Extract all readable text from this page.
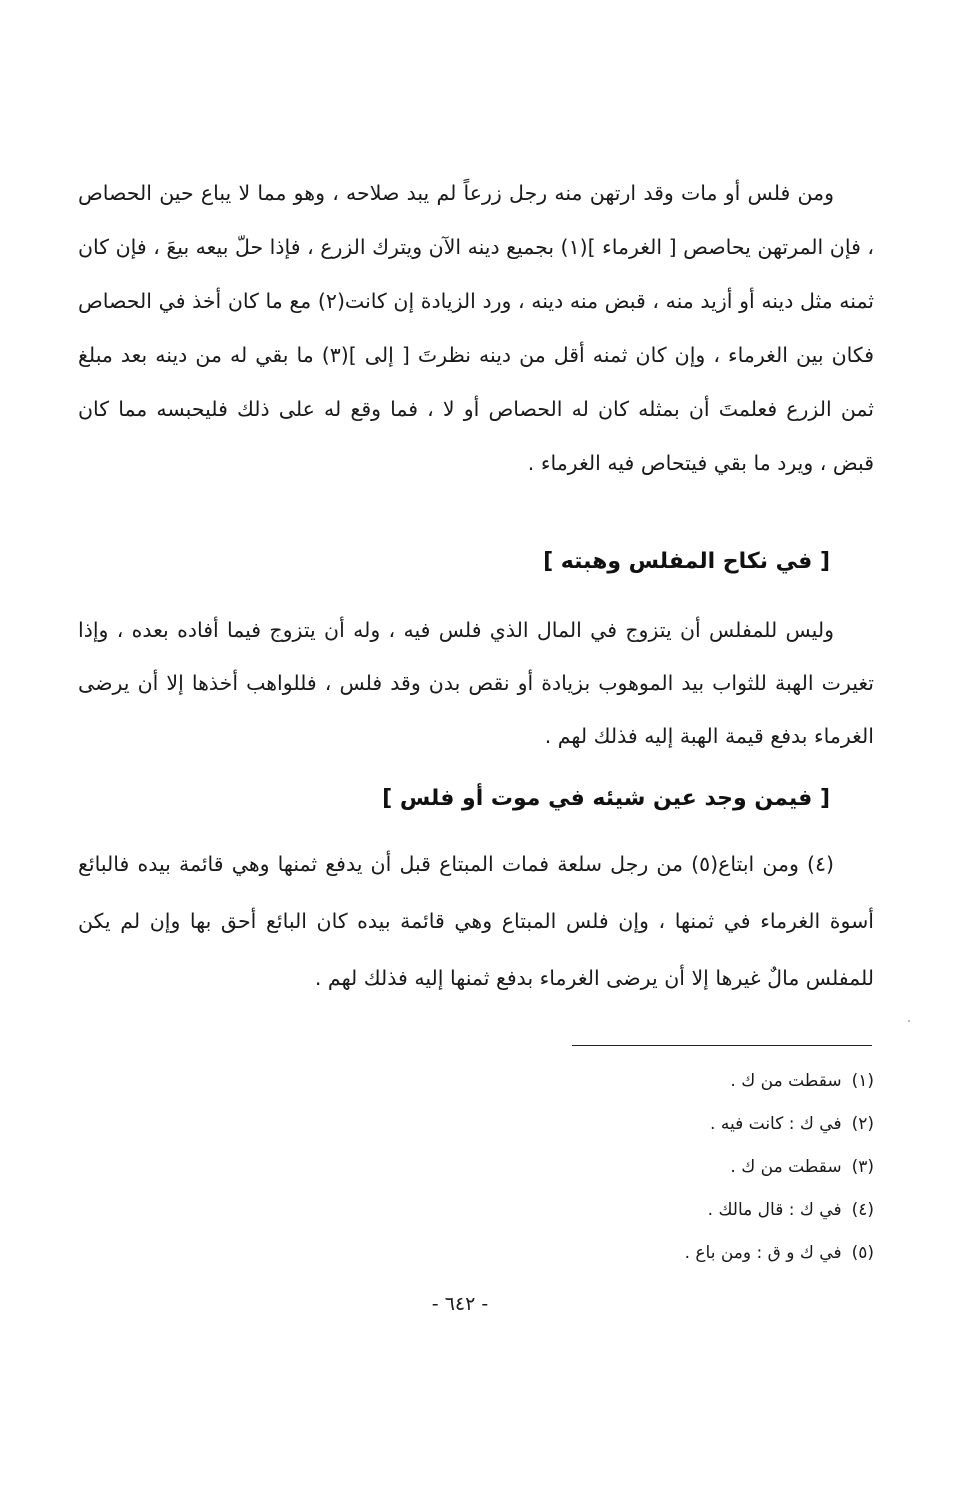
ومن فلس أو مات وقد ارتهن منه رجل زرعاً لم يبد صلاحه ، وهو مما لا يباع حين الحصاص ، فإن المرتهن يحاصص [ الغرماء ](١) بجميع دينه الآن ويترك الزرع ، فإذا حلّ بيعه بيعَ ، فإن كان ثمنه مثل دينه أو أزيد منه ، قبض منه دينه ، ورد الزيادة إن كانت(٢) مع ما كان أخذ في الحصاص فكان بين الغرماء ، وإن كان ثمنه أقل من دينه نظرتَ [ إلى ](٣) ما بقي له من دينه بعد مبلغ ثمن الزرع فعلمتَ أن بمثله كان له الحصاص أو لا ، فما وقع له على ذلك فليحبسه مما كان قبض ، ويرد ما بقي فيتحاص فيه الغرماء .
[ في نكاح المفلس وهبته ]
وليس للمفلس أن يتزوج في المال الذي فلس فيه ، وله أن يتزوج فيما أفاده بعده ، وإذا تغيرت الهبة للثواب بيد الموهوب بزيادة أو نقص بدن وقد فلس ، فللواهب أخذها إلا أن يرضى الغرماء بدفع قيمة الهبة إليه فذلك لهم .
[ فيمن وجد عين شيئه في موت أو فلس ]
(٤) ومن ابتاع(٥) من رجل سلعة فمات المبتاع قبل أن يدفع ثمنها وهي قائمة بيده فالبائع أسوة الغرماء في ثمنها ، وإن فلس المبتاع وهي قائمة بيده كان البائع أحق بها وإن لم يكن للمفلس مالٌ غيرها إلا أن يرضى الغرماء بدفع ثمنها إليه فذلك لهم .
(١)سقطت من ك .
(٢)في ك : كانت فيه .
(٣)سقطت من ك .
(٤)في ك : قال مالك .
(٥)في ك و ق : ومن باع .
- ٦٤٢ -
